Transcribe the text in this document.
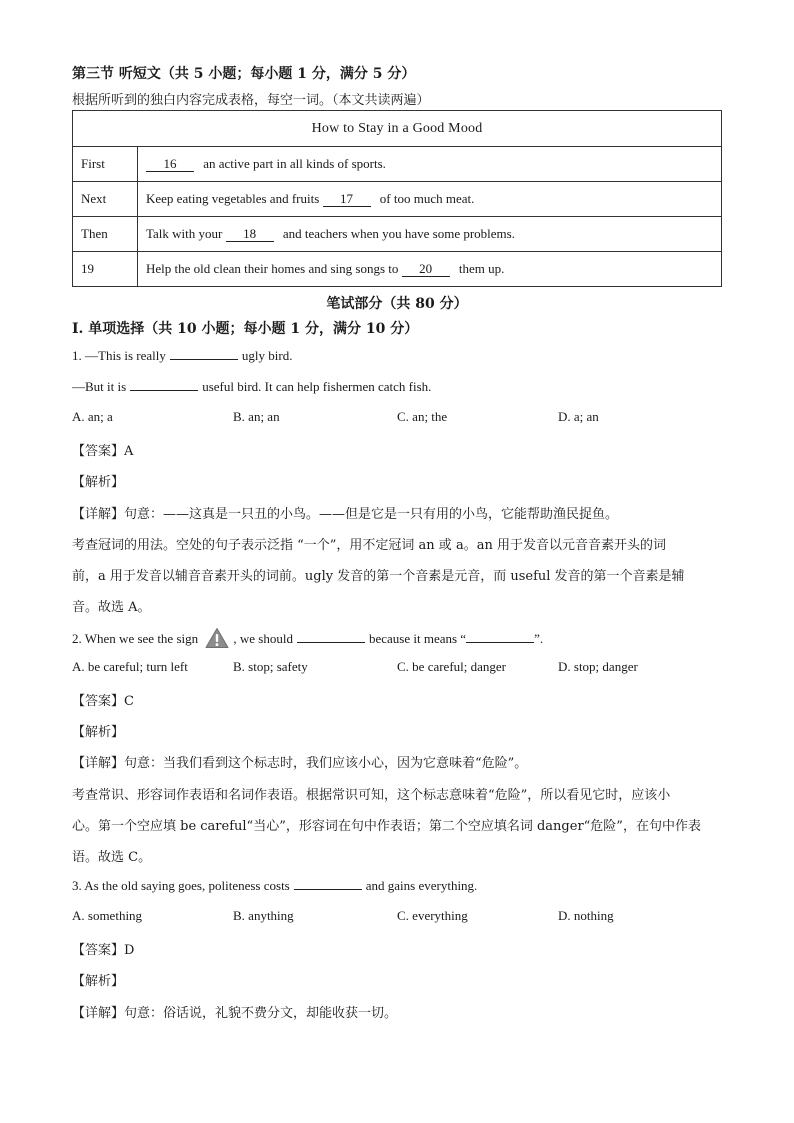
第三节 听短文（共 5 小题；每小题 1 分，满分 5 分）
根据所听到的独白内容完成表格，每空一词。（本文共读两遍）
How to Stay in a Good Mood	
First	16 an active part in all kinds of sports.
Next	Keep eating vegetables and fruits 17 of too much meat.
Then	Talk with your 18 and teachers when you have some problems.
19	Help the old clean their homes and sing songs to 20 them up.
笔试部分（共 80 分）
Ⅰ. 单项选择（共 10 小题；每小题 1 分，满分 10 分）
1. —This is really	ugly bird.
—But it is	useful bird. It can help fishermen catch fish.
A. an; a	B. an; an	C. an; the	D. a; an
【答案】A
【解析】
【详解】句意：——这真是一只丑的小鸟。——但是它是一只有用的小鸟，它能帮助渔民捉鱼。
考查冠词的用法。空处的句子表示泛指 “一个”，用不定冠词 an 或 a。an 用于发音以元音音素开头的词
前，a 用于发音以辅音音素开头的词前。ugly 发音的第一个音素是元音，而 useful 发音的第一个音素是辅
音。故选 A。
2. When we see the sign	, we should	because it means “	”.
A. be careful; turn left	B. stop; safety	C. be careful; danger	D. stop; danger
【答案】C
【解析】
【详解】句意：当我们看到这个标志时，我们应该小心，因为它意味着“危险”。
考查常识、形容词作表语和名词作表语。根据常识可知，这个标志意味着“危险”，所以看见它时，应该小
心。第一个空应填 be careful“当心”，形容词在句中作表语；第二个空应填名词 danger“危险”，在句中作表
语。故选 C。
3. As the old saying goes, politeness costs	and gains everything.
A. something	B. anything	C. everything	D. nothing
【答案】D
【解析】
【详解】句意：俗话说，礼貌不费分文，却能收获一切。
